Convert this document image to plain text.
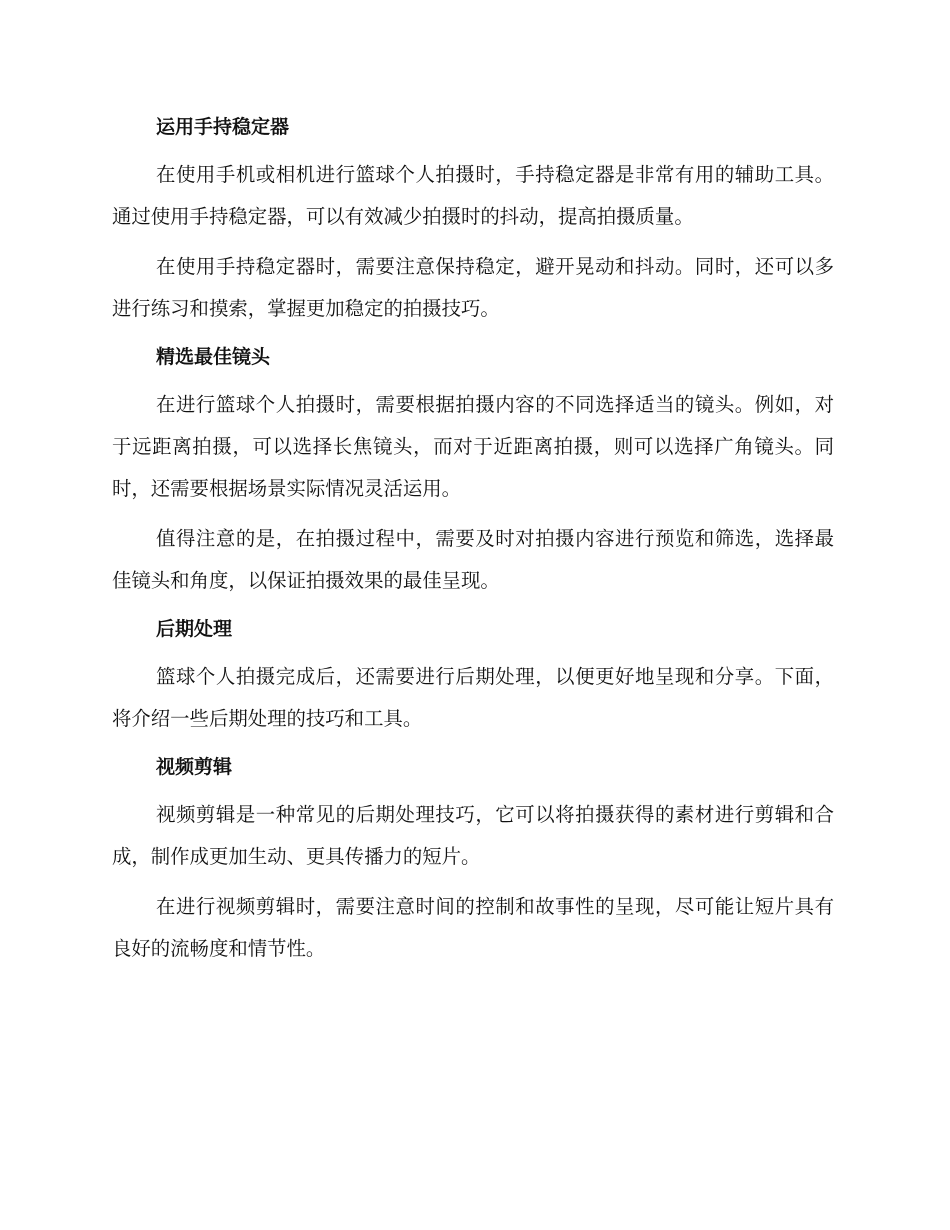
运用手持稳定器

在使用手机或相机进行篮球个人拍摄时，手持稳定器是非常有用的辅助工具。通过使用手持稳定器，可以有效减少拍摄时的抖动，提高拍摄质量。

在使用手持稳定器时，需要注意保持稳定，避开晃动和抖动。同时，还可以多进行练习和摸索，掌握更加稳定的拍摄技巧。

精选最佳镜头

在进行篮球个人拍摄时，需要根据拍摄内容的不同选择适当的镜头。例如，对于远距离拍摄，可以选择长焦镜头，而对于近距离拍摄，则可以选择广角镜头。同时，还需要根据场景实际情况灵活运用。

值得注意的是，在拍摄过程中，需要及时对拍摄内容进行预览和筛选，选择最佳镜头和角度，以保证拍摄效果的最佳呈现。

后期处理

篮球个人拍摄完成后，还需要进行后期处理，以便更好地呈现和分享。下面，将介绍一些后期处理的技巧和工具。

视频剪辑

视频剪辑是一种常见的后期处理技巧，它可以将拍摄获得的素材进行剪辑和合成，制作成更加生动、更具传播力的短片。

在进行视频剪辑时，需要注意时间的控制和故事性的呈现，尽可能让短片具有良好的流畅度和情节性。
